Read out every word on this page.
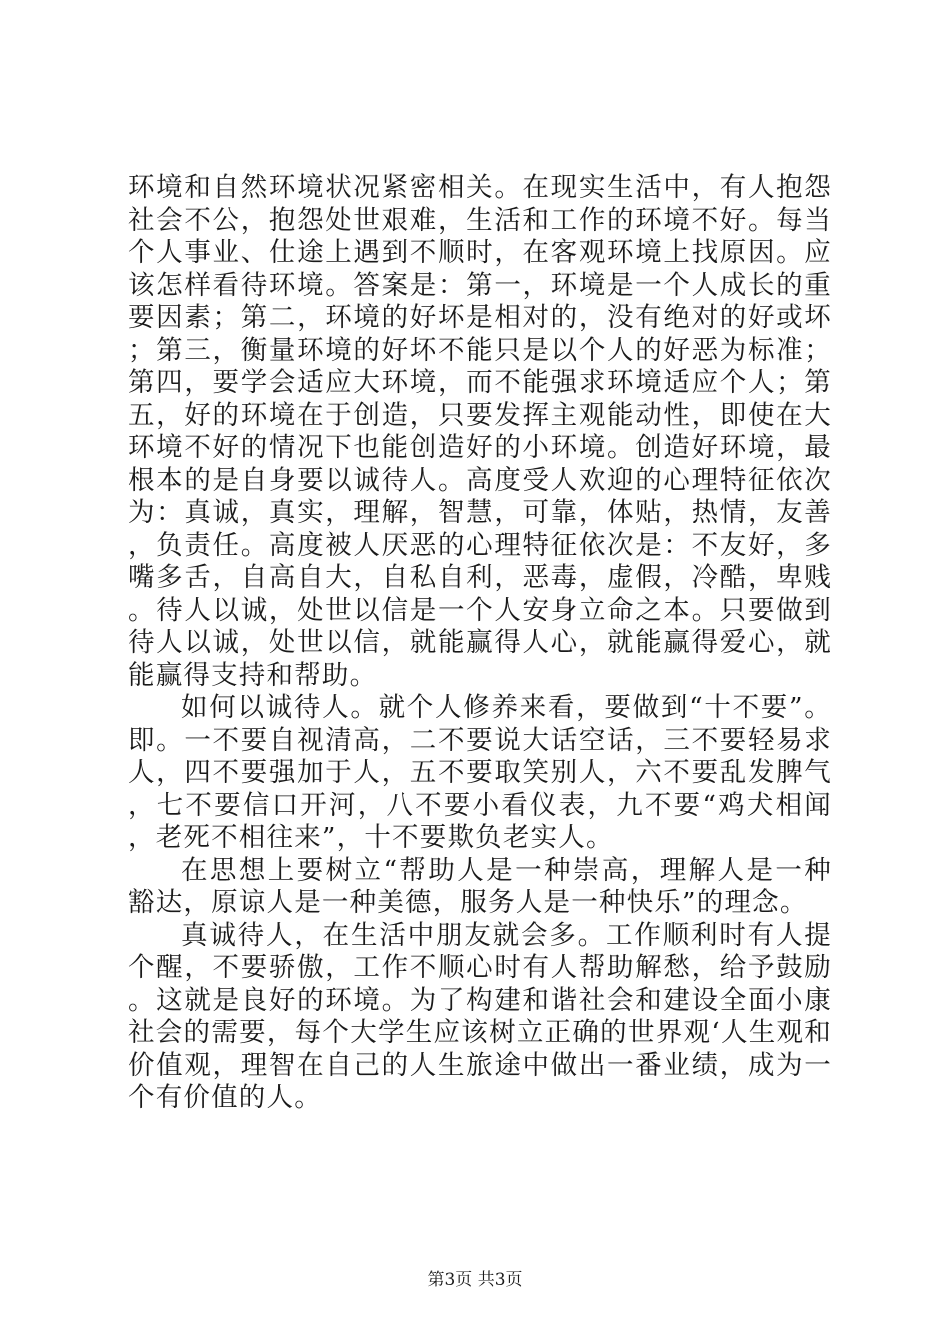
环境和自然环境状况紧密相关。在现实生活中，有人抱怨社会不公，抱怨处世艰难，生活和工作的环境不好。每当个人事业、仕途上遇到不顺时，在客观环境上找原因。应该怎样看待环境。答案是：第一，环境是一个人成长的重要因素；第二，环境的好坏是相对的，没有绝对的好或坏；第三，衡量环境的好坏不能只是以个人的好恶为标准；第四，要学会适应大环境，而不能强求环境适应个人；第五，好的环境在于创造，只要发挥主观能动性，即使在大环境不好的情况下也能创造好的小环境。创造好环境，最根本的是自身要以诚待人。高度受人欢迎的心理特征依次为：真诚，真实，理解，智慧，可靠，体贴，热情，友善，负责任。高度被人厌恶的心理特征依次是：不友好，多嘴多舌，自高自大，自私自利，恶毒，虚假，冷酷，卑贱。待人以诚，处世以信是一个人安身立命之本。只要做到待人以诚，处世以信，就能赢得人心，就能赢得爱心，就能赢得支持和帮助。

如何以诚待人。就个人修养来看，要做到“十不要”。即。一不要自视清高，二不要说大话空话，三不要轻易求人，四不要强加于人，五不要取笑别人，六不要乱发脾气，七不要信口开河，八不要小看仪表，九不要“鸡犬相闻，老死不相往来”，十不要欺负老实人。

在思想上要树立“帮助人是一种崇高，理解人是一种豁达，原谅人是一种美德，服务人是一种快乐”的理念。

真诚待人，在生活中朋友就会多。工作顺利时有人提个醒，不要骄傲，工作不顺心时有人帮助解愁，给予鼓励。这就是良好的环境。为了构建和谐社会和建设全面小康社会的需要，每个大学生应该树立正确的世界观‘人生观和价值观，理智在自己的人生旅途中做出一番业绩，成为一个有价值的人。

第3页 共3页
